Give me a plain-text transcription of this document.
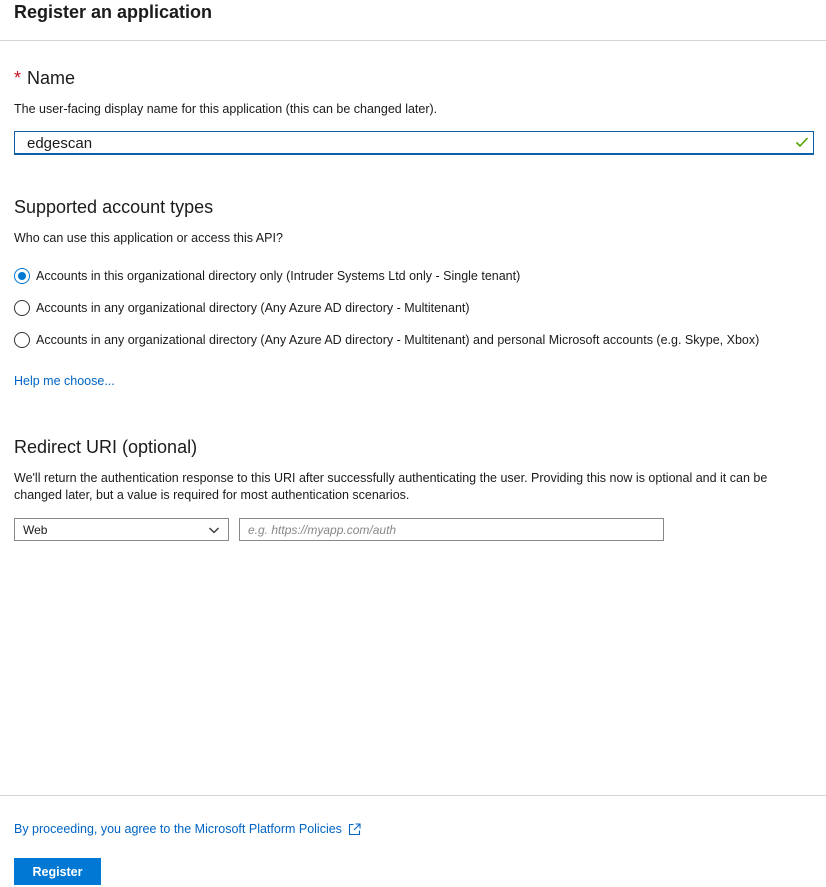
Register an application
* Name
The user-facing display name for this application (this can be changed later).
edgescan
Supported account types
Who can use this application or access this API?
Accounts in this organizational directory only (Intruder Systems Ltd only - Single tenant)
Accounts in any organizational directory (Any Azure AD directory - Multitenant)
Accounts in any organizational directory (Any Azure AD directory - Multitenant) and personal Microsoft accounts (e.g. Skype, Xbox)
Help me choose...
Redirect URI (optional)
We'll return the authentication response to this URI after successfully authenticating the user. Providing this now is optional and it can be
changed later, but a value is required for most authentication scenarios.
Web
e.g. https://myapp.com/auth
By proceeding, you agree to the Microsoft Platform Policies
Register
